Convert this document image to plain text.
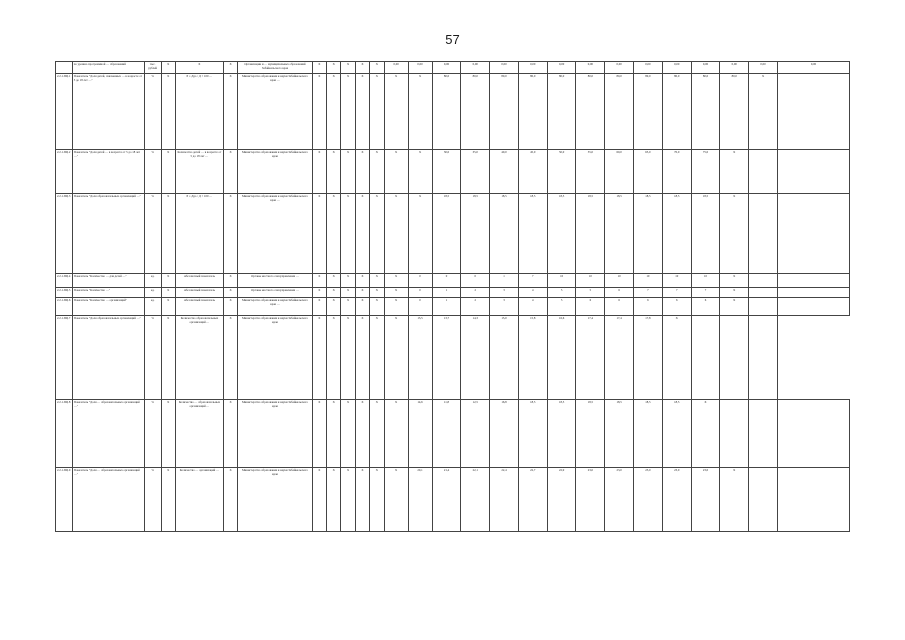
57
	по уровню программной … образований	тыс. рублей	Х	Х	Х	Организации и … муниципальных образований Забайкальского края	Х	Х	Х	Х	Х	0,00	0,00	0,00	0,00	0,00	0,00	0,00	0,00	0,00	0,00	0,00	0,00	0,00	0,00	0,00
2.2.1.ПЦ.1	Показатель "Доля детей, охваченных … в возрасте от 5 до 18 лет …"	%	Х	Р = Ддо / Д × 100 …	Х	Министерство образования и науки Забайкальского края …	Х	Х	Х	Х	Х	Х	Х	80,0	80,0	80,0	80,0	80,0	80,0	80,0	80,0	80,0	80,0	80,0	Х	
2.2.1.ПЦ.2	Показатель "Доля детей … в возрасте от 5 до 18 лет …"	%	Х	Количество детей … в возрасте от 5 до 18 лет …	Х	Министерство образования и науки Забайкальского края	Х	Х	Х	Х	Х	Х	Х	30,0	35,0	40,0	45,0	50,0	55,0	60,0	65,0	70,0	75,0	Х		
2.2.1.ПЦ.3	Показатель "Доля образовательных организаций …"	%	Х	Р = Ддо / Д × 100 …	Х	Министерство образования и науки Забайкальского края …	Х	Х	Х	Х	Х	Х	Х	18,5	18,5	18,5	18,5	18,5	18,5	18,5	18,5	18,5	18,5	Х		
2.2.1.ПЦ.4	Показатель "Количество … для детей …"	ед.	Х	Абсолютный показатель	Х	Органы местного самоуправления …	Х	Х	Х	Х	Х	Х	0	0	0	1	7	10	10	10	10	10	10	Х		
2.2.1.ПЦ.5	Показатель "Количество …"	ед.	Х	Абсолютный показатель	Х	Органы местного самоуправления …	Х	Х	Х	Х	Х	Х	0	1	2	3	4	5	5	6	7	7	7	Х		
2.2.1.ПЦ.6	Показатель "Количество … организаций"	ед.	Х	Абсолютный показатель	Х	Министерство образования и науки Забайкальского края …	Х	Х	Х	Х	Х	Х	0	1	2	3	4	5	6	6	6	6	6	Х		
2.2.1.ПЦ.7	Показатель "Доля образовательных организаций …"	%	Х	Количество образовательных организаций …	Х	Министерство образования и науки Забайкальского края	Х	Х	Х	Х	Х	Х	13,5	13,7	14,3	15,0	15,8	16,6	17,4	17,4	17,8	Х				
2.2.1.ПЦ.8	Показатель "Доля … образовательных организаций …"	%	Х	Количество … образовательных организаций …	Х	Министерство образования и науки Забайкальского края	Х	Х	Х	Х	Х	Х	14,6	11,8	12,5	16,8	18,5	18,5	18,5	18,5	18,5	18,5	Х			
2.2.1.ПЦ.9	Показатель "Доля … образовательных организаций …"	%	Х	Количество … организаций …	Х	Министерство образования и науки Забайкальского края	Х	Х	Х	Х	Х	Х	20,1	21,4	22,1	22,4	22,7	22,9	23,0	23,0	23,0	23,0	23,0	Х		
